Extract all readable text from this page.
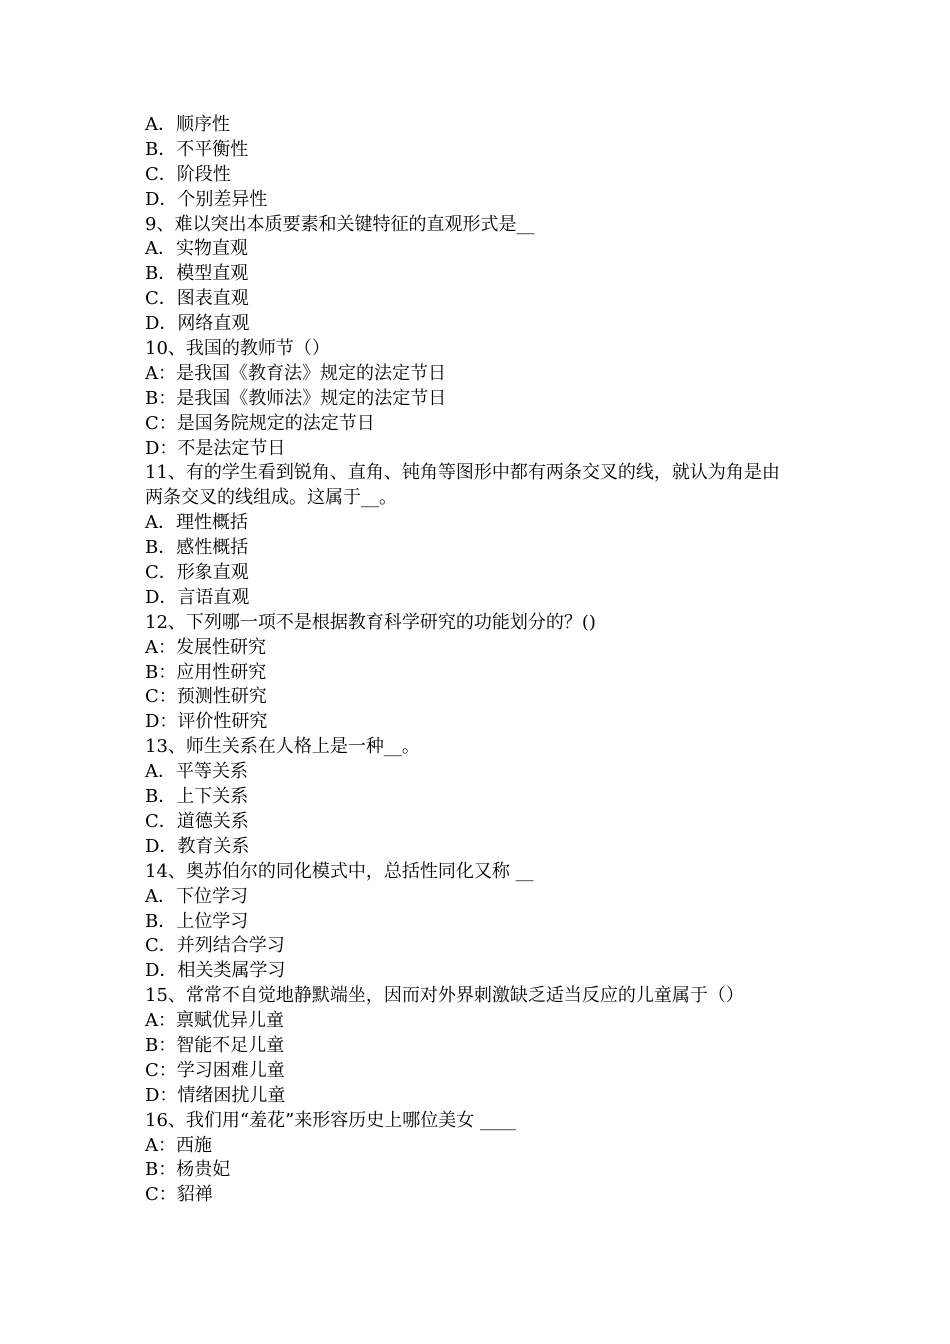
A．顺序性
B．不平衡性
C．阶段性
D．个别差异性
9、难以突出本质要素和关键特征的直观形式是__
A．实物直观
B．模型直观
C．图表直观
D．网络直观
10、我国的教师节（）
A：是我国《教育法》规定的法定节日
B：是我国《教师法》规定的法定节日
C：是国务院规定的法定节日
D：不是法定节日
11、有的学生看到锐角、直角、钝角等图形中都有两条交叉的线，就认为角是由
两条交叉的线组成。这属于__。
A．理性概括
B．感性概括
C．形象直观
D．言语直观
12、下列哪一项不是根据教育科学研究的功能划分的？()
A：发展性研究
B：应用性研究
C：预测性研究
D：评价性研究
13、师生关系在人格上是一种__。
A．平等关系
B．上下关系
C．道德关系
D．教育关系
14、奥苏伯尔的同化模式中，总括性同化又称 __
A．下位学习
B．上位学习
C．并列结合学习
D．相关类属学习
15、常常不自觉地静默端坐，因而对外界刺激缺乏适当反应的儿童属于（）
A：禀赋优异儿童
B：智能不足儿童
C：学习困难儿童
D：情绪困扰儿童
16、我们用“羞花”来形容历史上哪位美女 ____
A：西施
B：杨贵妃
C：貂禅
